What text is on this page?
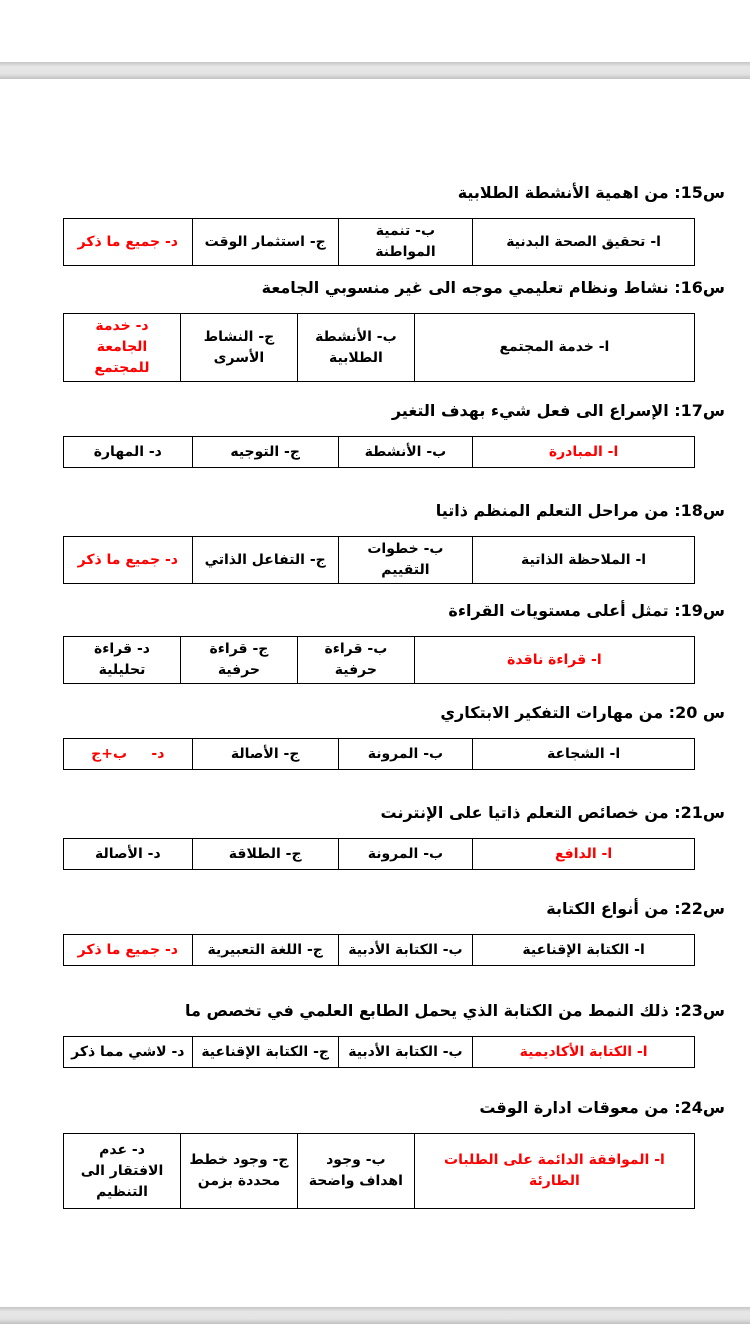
س15: من اهمية الأنشطة الطلابية
ا- تحقيق الصحة البدنية	ب- تنمية المواطنة	ج- استثمار الوقت	د- جميع ما ذكر
س16: نشاط ونظام تعليمي موجه الى غير منسوبي الجامعة
ا- خدمة المجتمع	ب- الأنشطة الطلابية	ج- النشاط الأسرى	د- خدمة الجامعة للمجتمع
س17: الإسراع الى فعل شيء بهدف التغير
ا- المبادرة	ب- الأنشطة	ج- التوجيه	د- المهارة
س18: من مراحل التعلم المنظم ذاتيا
ا- الملاحظة الذاتية	ب- خطوات التقييم	ج- التفاعل الذاتي	د- جميع ما ذكر
س19: تمثل أعلى مستويات القراءة
ا- قراءة ناقدة	ب- قراءة حرفية	ج- قراءة حرفية	د- قراءة تحليلية
س 20: من مهارات التفكير الابتكاري
ا- الشجاعة	ب- المرونة	ج- الأصالة	د-     ب+ج
س21: من خصائص التعلم ذاتيا على الإنترنت
ا- الدافع	ب- المرونة	ج- الطلاقة	د- الأصالة
س22: من أنواع الكتابة
ا- الكتابة الإقناعية	ب- الكتابة الأدبية	ج- اللغة التعبيرية	د- جميع ما ذكر
س23: ذلك النمط من الكتابة الذي يحمل الطابع العلمي في تخصص ما
ا- الكتابة الأكاديمية	ب- الكتابة الأدبية	ج- الكتابة الإقناعية	د- لاشي مما ذكر
س24: من معوقات ادارة الوقت
ا- الموافقة الدائمة على الطلبات الطارئة	ب- وجود اهداف واضحة	ج- وجود خطط محددة بزمن	د- عدم الافتقار الى التنظيم
